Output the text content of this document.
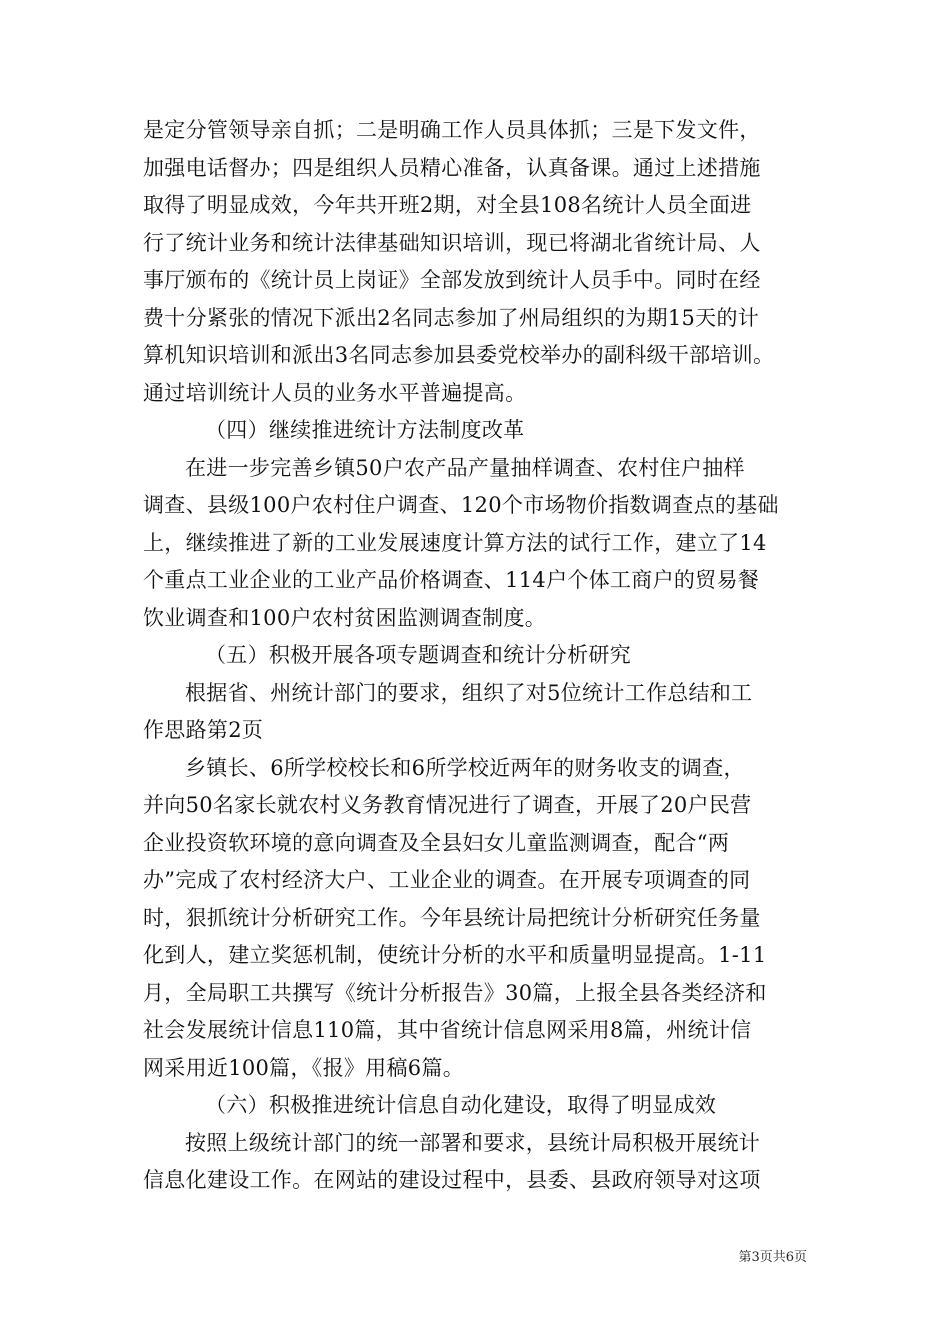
是定分管领导亲自抓；二是明确工作人员具体抓；三是下发文件，
加强电话督办；四是组织人员精心准备，认真备课。通过上述措施
取得了明显成效，今年共开班2期，对全县108名统计人员全面进
行了统计业务和统计法律基础知识培训，现已将湖北省统计局、人
事厅颁布的《统计员上岗证》全部发放到统计人员手中。同时在经
费十分紧张的情况下派出2名同志参加了州局组织的为期15天的计
算机知识培训和派出3名同志参加县委党校举办的副科级干部培训。
通过培训统计人员的业务水平普遍提高。
（四）继续推进统计方法制度改革
在进一步完善乡镇50户农产品产量抽样调查、农村住户抽样
调查、县级100户农村住户调查、120个市场物价指数调查点的基础
上，继续推进了新的工业发展速度计算方法的试行工作，建立了14
个重点工业企业的工业产品价格调查、114户个体工商户的贸易餐
饮业调查和100户农村贫困监测调查制度。
（五）积极开展各项专题调查和统计分析研究
根据省、州统计部门的要求，组织了对5位统计工作总结和工
作思路第2页
乡镇长、6所学校校长和6所学校近两年的财务收支的调查，
并向50名家长就农村义务教育情况进行了调查，开展了20户民营
企业投资软环境的意向调查及全县妇女儿童监测调查，配合“两
办”完成了农村经济大户、工业企业的调查。在开展专项调查的同
时，狠抓统计分析研究工作。今年县统计局把统计分析研究任务量
化到人，建立奖惩机制，使统计分析的水平和质量明显提高。1-11
月，全局职工共撰写《统计分析报告》30篇，上报全县各类经济和
社会发展统计信息110篇，其中省统计信息网采用8篇，州统计信
网采用近100篇，《报》用稿6篇。
（六）积极推进统计信息自动化建设，取得了明显成效
按照上级统计部门的统一部署和要求，县统计局积极开展统计
信息化建设工作。在网站的建设过程中，县委、县政府领导对这项
第3页共6页
